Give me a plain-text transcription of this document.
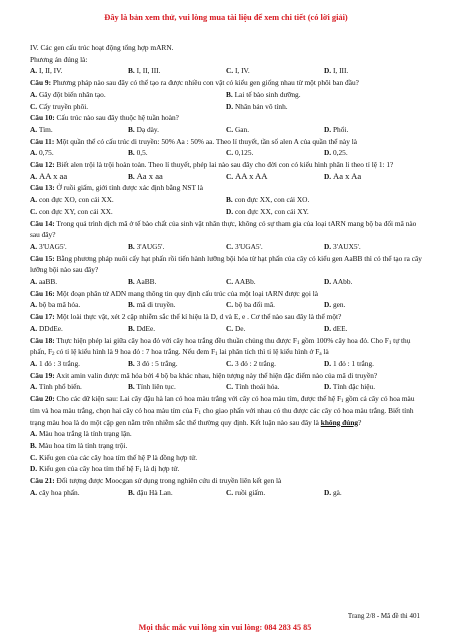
Đây là bản xem thử, vui lòng mua tài liệu để xem chi tiết (có lời giải)
IV. Các gen cấu trúc hoạt động tổng hợp mARN.
Phương án đúng là:
A. I, II, IV.	B. I, II, III.	C. I, IV.	D. I, III.
Câu 9: Phương pháp nào sau đây có thể tạo ra được nhiều con vật có kiểu gen giống nhau từ một phôi ban đầu?
A. Gây đột biến nhân tạo.	B. Lai tế bào sinh dưỡng.
C. Cấy truyền phôi.	D. Nhân bản vô tính.
Câu 10: Cấu trúc nào sau đây thuộc hệ tuần hoàn?
A. Tim.	B. Dạ dày.	C. Gan.	D. Phổi.
Câu 11: Một quần thể có cấu trúc di truyền: 50% Aa : 50% aa. Theo lí thuyết, tần số alen A của quần thể này là
A. 0,75.	B. 0,5.	C. 0,125.	D. 0,25.
Câu 12: Biết alen trội là trội hoàn toàn. Theo lí thuyết, phép lai nào sau đây cho đời con có kiểu hình phân li theo tỉ lệ 1: 1?
A. AA x aa	B. Aa x aa	C. AA x AA	D. Aa x Aa
Câu 13: Ở ruồi giấm, giới tính được xác định bằng NST là
A. con đực XO, con cái XX.	B. con đực XX, con cái XO.
C. con đực XY, con cái XX.	D. con đực XX, con cái XY.
Câu 14: Trong quá trình dịch mã ở tế bào chất của sinh vật nhân thực, không có sự tham gia của loại tARN mang bộ ba đối mã nào sau đây?
A. 3'UAG5'.	B. 3'AUG5'.	C. 3'UGA5'.	D. 3'AUX5'.
Câu 15: Bằng phương pháp nuôi cấy hạt phấn rồi tiến hành lưỡng bội hóa từ hạt phấn của cây có kiểu gen AaBB thì có thể tạo ra cây lưỡng bội nào sau đây?
A. aaBB.	B. AaBB.	C. AABb.	D. AAbb.
Câu 16: Một đoạn phân tử ADN mang thông tin quy định cấu trúc của một loại tARN được gọi là
A. bộ ba mã hóa.	B. mã di truyền.	C. bộ ba đối mã.	D. gen.
Câu 17: Một loài thực vật, xét 2 cặp nhiễm sắc thể kí hiệu là D, d và E, e . Cơ thể nào sau đây là thể một?
A. DDdEe.	B. DdEe.	C. De.	D. dEE.
Câu 18: Thực hiện phép lai giữa cây hoa đỏ với cây hoa trắng đều thuần chủng thu được $F_1$ gồm 100% cây hoa đỏ. Cho $F_1$ tự thụ phấn, $F_2$ có tỉ lệ kiểu hình là 9 hoa đỏ : 7 hoa trắng. Nếu đem $F_1$ lai phân tích thì tỉ lệ kiểu hình ở $F_a$ là
A. 1 đỏ : 3 trắng.	B. 3 đỏ : 5 trắng.	C. 3 đỏ : 2 trắng.	D. 1 đỏ : 1 trắng.
Câu 19: Axit amin valin được mã hóa bởi 4 bộ ba khác nhau, hiện tượng này thể hiện đặc điểm nào của mã di truyền?
A. Tính phổ biến.	B. Tính liên tục.	C. Tính thoái hóa.	D. Tính đặc hiệu.
Câu 20: Cho các dữ kiện sau: Lai cây đậu hà lan có hoa màu trắng với cây có hoa màu tím, được thế hệ $F_1$ gồm cả cây có hoa màu tím và hoa màu trắng, chọn hai cây có hoa màu tím của $F_1$ cho giao phấn với nhau có thu được các cây có hoa màu trắng. Biết tính trạng màu hoa là do một cặp gen nằm trên nhiễm sắc thể thường quy định. Kết luận nào sau đây là không đúng?
A. Màu hoa trắng là tính trạng lặn.
B. Màu hoa tím là tính trạng trội.
C. Kiểu gen của các cây hoa tím thế hệ P là đồng hợp tử.
D. Kiểu gen của cây hoa tím thế hệ $F_1$ là dị hợp tử.
Câu 21: Đối tượng được Moocgan sử dụng trong nghiên cứu di truyền liên kết gen là
A. cây hoa phấn.	B. đậu Hà Lan.	C. ruồi giấm.	D. gà.
Trang 2/8 - Mã đề thi 401
Mọi thắc mắc vui lòng xin vui lòng: 084 283 45 85
